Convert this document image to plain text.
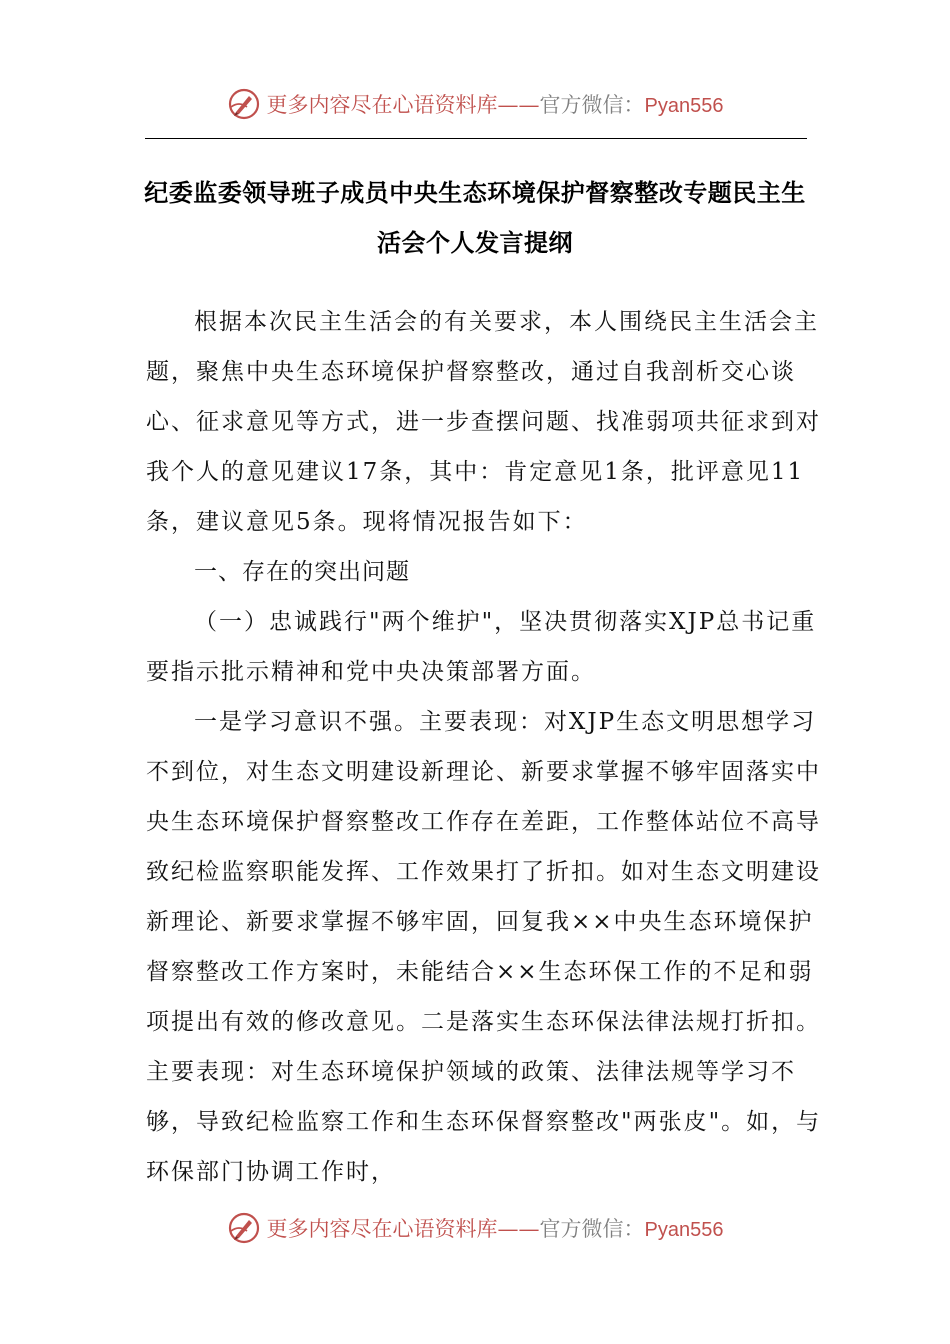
更多内容尽在心语资料库——官方微信：Pyan556
纪委监委领导班子成员中央生态环境保护督察整改专题民主生活会个人发言提纲

根据本次民主生活会的有关要求，本人围绕民主生活会主题，聚焦中央生态环境保护督察整改，通过自我剖析交心谈心、征求意见等方式，进一步查摆问题、找准弱项共征求到对我个人的意见建议17条，其中：肯定意见1条，批评意见11条，建议意见5条。现将情况报告如下：

一、存在的突出问题

（一）忠诚践行"两个维护"，坚决贯彻落实XJP总书记重要指示批示精神和党中央决策部署方面。

一是学习意识不强。主要表现：对XJP生态文明思想学习不到位，对生态文明建设新理论、新要求掌握不够牢固落实中央生态环境保护督察整改工作存在差距，工作整体站位不高导致纪检监察职能发挥、工作效果打了折扣。如对生态文明建设新理论、新要求掌握不够牢固，回复我××中央生态环境保护督察整改工作方案时，未能结合××生态环保工作的不足和弱项提出有效的修改意见。二是落实生态环保法律法规打折扣。主要表现：对生态环境保护领域的政策、法律法规等学习不够，导致纪检监察工作和生态环保督察整改"两张皮"。如，与环保部门协调工作时，

更多内容尽在心语资料库——官方微信：Pyan556
